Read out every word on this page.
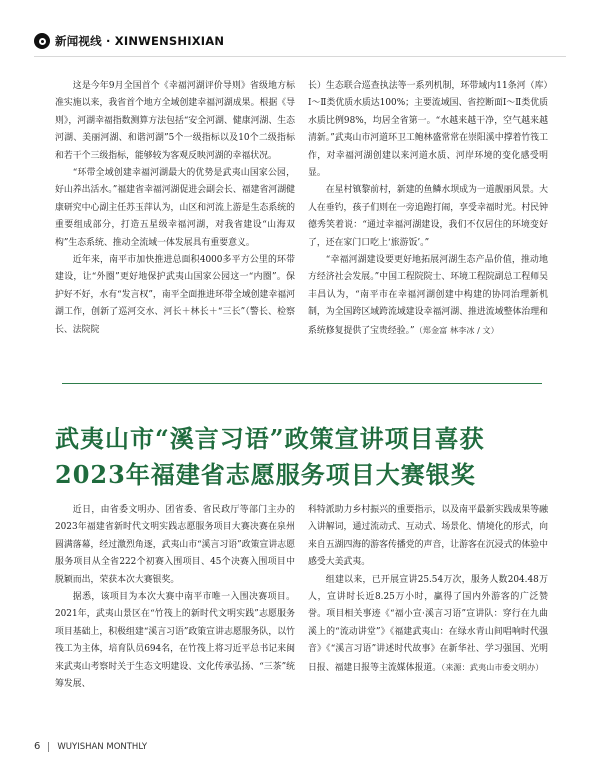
新闻视线 · XINWENSHIXIAN

这是今年9月全国首个《幸福河湖评价导则》省级地方标准实施以来，我省首个地方全域创建幸福河湖成果。根据《导则》，河湖幸福指数测算方法包括“安全河湖、健康河湖、生态河湖、美丽河湖、和谐河湖”5个一级指标以及10个二级指标和若干个三级指标，能够较为客观反映河湖的幸福状况。

“环带全域创建幸福河湖最大的优势是武夷山国家公园，好山养出活水。”福建省幸福河湖促进会副会长、福建省河湖健康研究中心副主任苏玉萍认为，山区和河流上游是生态系统的重要组成部分，打造五星级幸福河湖，对我省建设“山海双构”生态系统、推动全流域一体发展具有重要意义。

近年来，南平市加快推进总面积4000多平方公里的环带建设，让“外圈”更好地保护武夷山国家公园这一“内圈”。保护好不好，水有“发言权”，南平全面推进环带全域创建幸福河湖工作，创新了巡河交水、河长＋林长＋“三长”（警长、检察长、法院院

长）生态联合巡查执法等一系列机制，环带域内11条河（库）Ⅰ～Ⅱ类优质水质达100%；主要流域国、省控断面Ⅰ～Ⅱ类优质水质比例98%，均居全省第一。“水越来越干净，空气越来越清新。”武夷山市河道环卫工鲍林盛常常在崇阳溪中撑着竹筏工作，对幸福河湖创建以来河道水质、河岸环境的变化感受明显。

在星村镇黎前村，新建的鱼鳞水坝成为一道靓丽风景。大人在垂钓，孩子们则在一旁追跑打闹，享受幸福时光。村民钟德秀笑着说：“通过幸福河湖建设，我们不仅居住的环境变好了，还在家门口吃上‘旅游饭’。”

“幸福河湖建设要更好地拓展河湖生态产品价值，推动地方经济社会发展。”中国工程院院士、环境工程院副总工程师吴丰昌认为，“南平市在幸福河湖创建中构建的协同治理新机制，为全国跨区域跨流域建设幸福河湖、推进流域整体治理和系统修复提供了宝贵经验。”（郑金富 林李冰 / 文）

武夷山市“溪言习语”政策宣讲项目喜获
2023年福建省志愿服务项目大赛银奖

近日，由省委文明办、团省委、省民政厅等部门主办的2023年福建省新时代文明实践志愿服务项目大赛决赛在泉州圆满落幕，经过激烈角逐，武夷山市“溪言习语”政策宣讲志愿服务项目从全省222个初赛入围项目、45个决赛入围项目中脱颖而出，荣获本次大赛银奖。

据悉，该项目为本次大赛中南平市唯一入围决赛项目。2021年，武夷山景区在“竹筏上的新时代文明实践”志愿服务项目基础上，积极组建“溪言习语”政策宣讲志愿服务队，以竹筏工为主体，培育队员694名，在竹筏上将习近平总书记来闽来武夷山考察时关于生态文明建设、文化传承弘扬、“三茶”统筹发展、

科特派助力乡村振兴的重要指示，以及南平最新实践成果等融入讲解词，通过流动式、互动式、场景化、情境化的形式，向来自五湖四海的游客传播党的声音，让游客在沉浸式的体验中感受大美武夷。

组建以来，已开展宣讲25.54万次，服务人数204.48万人，宣讲时长近8.25万小时，赢得了国内外游客的广泛赞誉。项目相关事迹《“福小宣·溪言习语”宣讲队：穿行在九曲溪上的“流动讲堂”》《福建武夷山：在绿水青山间唱响时代强音》《“溪言习语”讲述时代故事》在新华社、学习强国、光明日报、福建日报等主流媒体报道。（来源：武夷山市委文明办）

6 WUYISHAN MONTHLY
